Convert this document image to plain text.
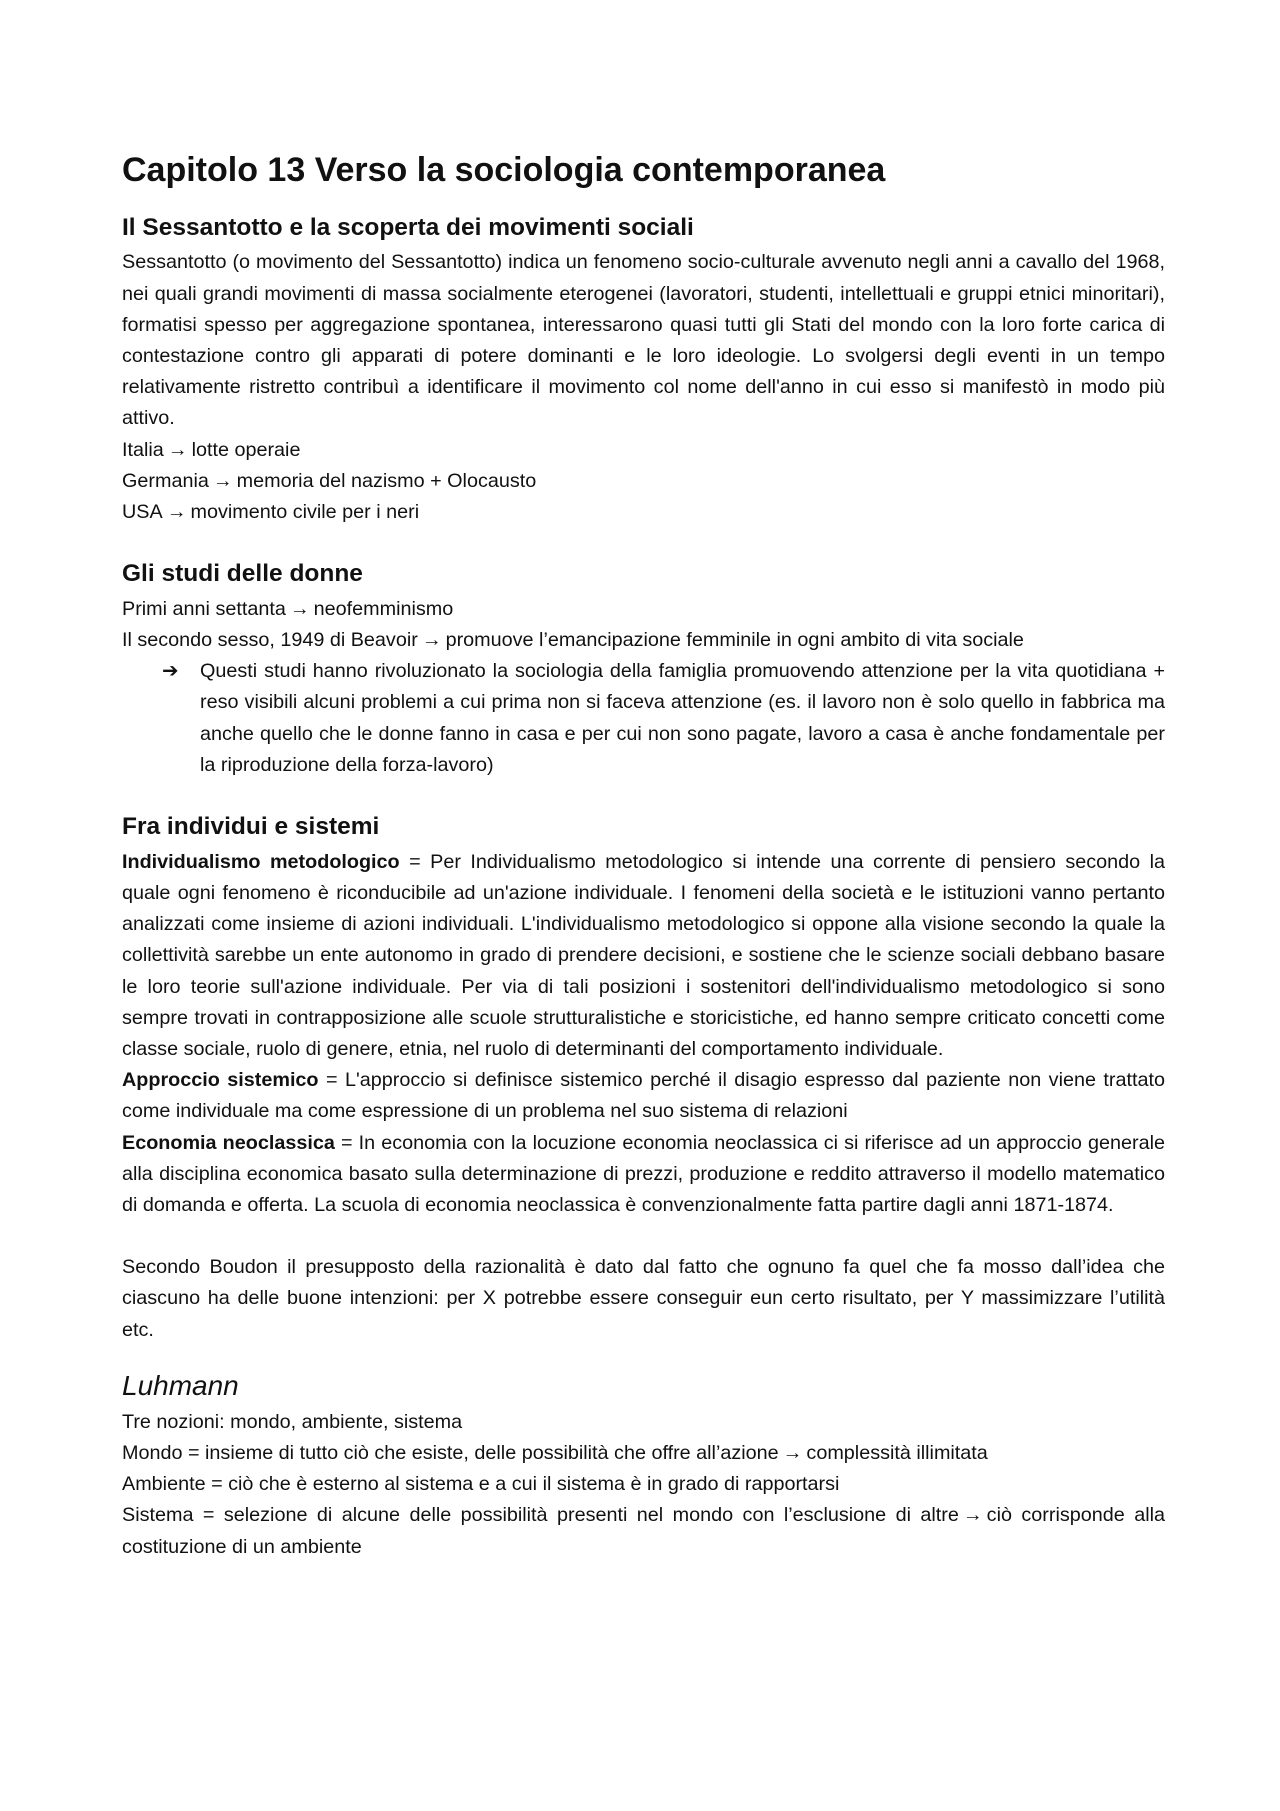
Capitolo 13 Verso la sociologia contemporanea
Il Sessantotto e la scoperta dei movimenti sociali

Sessantotto (o movimento del Sessantotto) indica un fenomeno socio-culturale avvenuto negli anni a cavallo del 1968, nei quali grandi movimenti di massa socialmente eterogenei (lavoratori, studenti, intellettuali e gruppi etnici minoritari), formatisi spesso per aggregazione spontanea, interessarono quasi tutti gli Stati del mondo con la loro forte carica di contestazione contro gli apparati di potere dominanti e le loro ideologie. Lo svolgersi degli eventi in un tempo relativamente ristretto contribuì a identificare il movimento col nome dell'anno in cui esso si manifestò in modo più attivo.

Italia → lotte operaie

Germania → memoria del nazismo + Olocausto

USA → movimento civile per i neri

Gli studi delle donne

Primi anni settanta → neofemminismo

Il secondo sesso, 1949 di Beavoir → promuove l’emancipazione femminile in ogni ambito di vita sociale

➔	Questi studi hanno rivoluzionato la sociologia della famiglia promuovendo attenzione per la vita quotidiana + reso visibili alcuni problemi a cui prima non si faceva attenzione (es. il lavoro non è solo quello in fabbrica ma anche quello che le donne fanno in casa e per cui non sono pagate, lavoro a casa è anche fondamentale per la riproduzione della forza-lavoro)
Fra individui e sistemi

Individualismo metodologico = Per Individualismo metodologico si intende una corrente di pensiero secondo la quale ogni fenomeno è riconducibile ad un'azione individuale. I fenomeni della società e le istituzioni vanno pertanto analizzati come insieme di azioni individuali. L'individualismo metodologico si oppone alla visione secondo la quale la collettività sarebbe un ente autonomo in grado di prendere decisioni, e sostiene che le scienze sociali debbano basare le loro teorie sull'azione individuale. Per via di tali posizioni i sostenitori dell'individualismo metodologico si sono sempre trovati in contrapposizione alle scuole strutturalistiche e storicistiche, ed hanno sempre criticato concetti come classe sociale, ruolo di genere, etnia, nel ruolo di determinanti del comportamento individuale.

Approccio sistemico = L'approccio si definisce sistemico perché il disagio espresso dal paziente non viene trattato come individuale ma come espressione di un problema nel suo sistema di relazioni

Economia neoclassica = In economia con la locuzione economia neoclassica ci si riferisce ad un approccio generale alla disciplina economica basato sulla determinazione di prezzi, produzione e reddito attraverso il modello matematico di domanda e offerta. La scuola di economia neoclassica è convenzionalmente fatta partire dagli anni 1871-1874.

Secondo Boudon il presupposto della razionalità è dato dal fatto che ognuno fa quel che fa mosso dall’idea che ciascuno ha delle buone intenzioni: per X potrebbe essere conseguir eun certo risultato, per Y massimizzare l’utilità etc.

Luhmann

Tre nozioni: mondo, ambiente, sistema

Mondo = insieme di tutto ciò che esiste, delle possibilità che offre all’azione → complessità illimitata

Ambiente = ciò che è esterno al sistema e a cui il sistema è in grado di rapportarsi

Sistema = selezione di alcune delle possibilità presenti nel mondo con l’esclusione di altre → ciò corrisponde alla costituzione di un ambiente
